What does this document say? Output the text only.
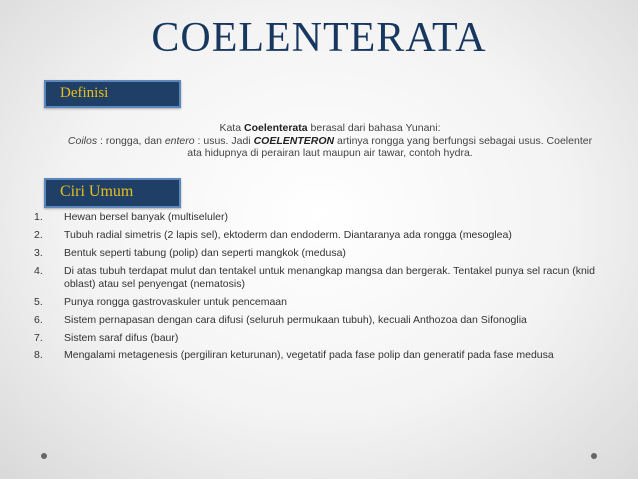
COELENTERATA
Definisi
Kata Coelenterata berasal dari bahasa Yunani:
Coilos : rongga, dan entero : usus. Jadi COELENTERON artinya rongga yang berfungsi sebagai usus. Coelenter
ata hidupnya di perairan laut maupun air tawar, contoh hydra.
Ciri Umum
1. Hewan bersel banyak (multiseluler)
2. Tubuh radial simetris (2 lapis sel), ektoderm dan endoderm. Diantaranya ada rongga (mesoglea)
3. Bentuk seperti tabung (polip) dan seperti mangkok (medusa)
4. Di atas tubuh terdapat mulut dan tentakel untuk menangkap mangsa dan bergerak. Tentakel punya sel racun (knid oblast) atau sel penyengat (nematosis)
5. Punya rongga gastrovaskuler untuk pencemaan
6. Sistem pernapasan dengan cara difusi (seluruh permukaan tubuh), kecuali Anthozoa dan Sifonoglia
7. Sistem saraf difus (baur)
8. Mengalami metagenesis (pergiliran keturunan), vegetatif pada fase polip dan generatif pada fase medusa
